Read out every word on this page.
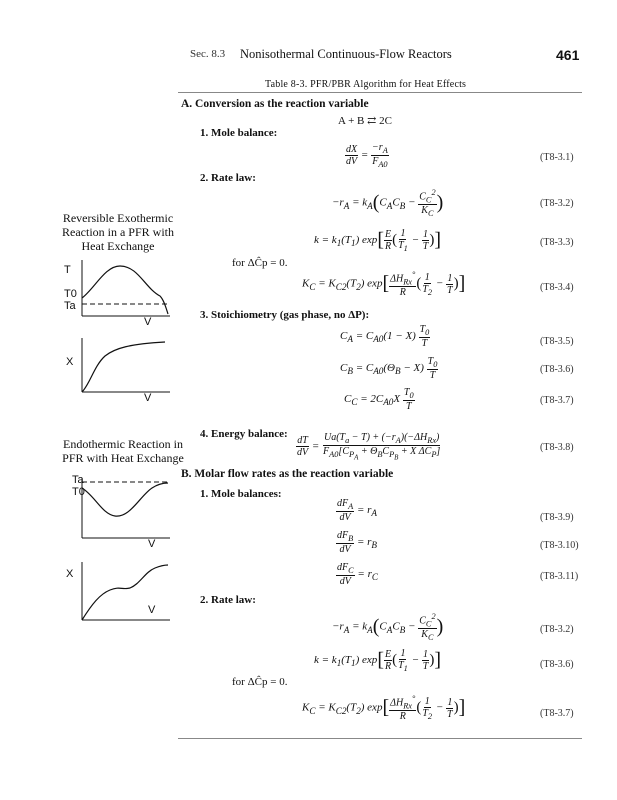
Sec. 8.3 Nonisothermal Continuous-Flow Reactors	461
Table 8-3. PFR/PBR Algorithm for Heat Effects
A. Conversion as the reaction variable
A + B ⇄ 2C
1. Mole balance:
$\frac{dX}{dV} = \frac{-r_A}{F_{A0}}$	(T8-3.1)
2. Rate law:
$-r_A = k_A(C_AC_B - \frac{C_C^2}{K_C}$ )	(T8-3.2)
$k = k_1(T_1)$ $\exp[ \frac{E}{R}$ ( $\frac{1}{T_1} - \frac{1}{T}$ )]	(T8-3.3)
for ΔĈp = 0.
$K_C = K_{C2}(T_2)$ $\exp[ \frac{\Delta H_{Rx}^\circ}{R}$ ( $\frac{1}{T_2} - \frac{1}{T}$ )]	(T8-3.4)
3. Stoichiometry (gas phase, no ΔP):
$C_A = C_{A0}(1 - X) \frac{T_0}{T}$	(T8-3.5)
$C_B = C_{A0}(\Theta_B - X) \frac{T_0}{T}$	(T8-3.6)
$C_C = 2C_{A0}X \frac{T_0}{T}$	(T8-3.7)
4. Energy balance:
$\frac{dT}{dV} = \frac{Ua(T_a - T) + (-r_A)(-\Delta H_{Rx})}{F_{A0}[C_{P_A} + \Theta_BC_{P_B} + X \Delta C_P]}$	(T8-3.8)
B. Molar flow rates as the reaction variable
1. Mole balances:
$\frac{dF_A}{dV} = r_A$	(T8-3.9)
$\frac{dF_B}{dV} = r_B$	(T8-3.10)
$\frac{dF_C}{dV} = r_C$	(T8-3.11)
2. Rate law:
$-r_A = k_A(C_AC_B - \frac{C_C^2}{K_C}$ )	(T8-3.2)
$k = k_1(T_1)$ $\exp[ \frac{E}{R}$ ( $\frac{1}{T_1} - \frac{1}{T}$ )]	(T8-3.6)
for ΔĈp = 0.
$K_C = K_{C2}(T_2)$ $\exp[ \frac{\Delta H_{Rx}^\circ}{R}$ ( $\frac{1}{T_2} - \frac{1}{T}$ )]	(T8-3.7)
Reversible Exothermic Reaction in a PFR with Heat Exchange
Endothermic Reaction in PFR with Heat Exchange
T
T0
Ta
V
X
V
Ta
T0
V
X
V
